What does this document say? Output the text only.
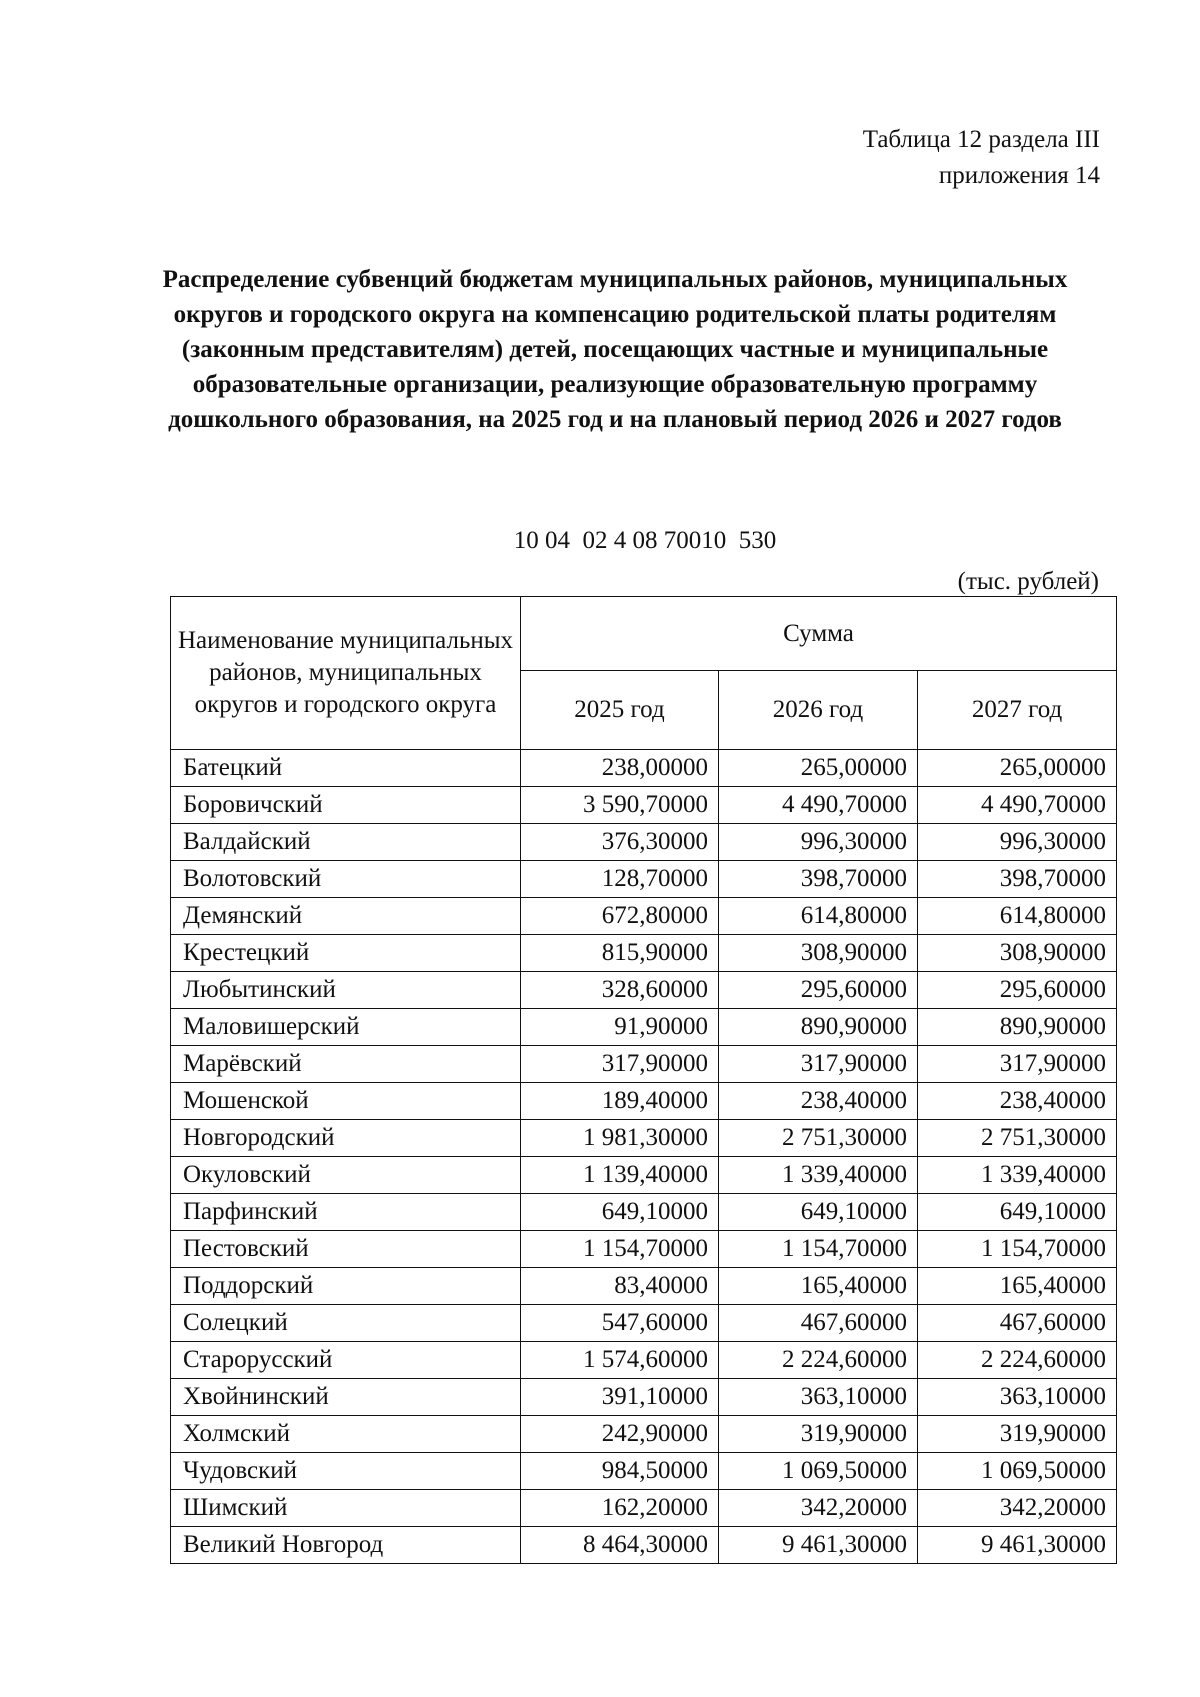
Таблица 12 раздела III
приложения 14
Распределение субвенций бюджетам муниципальных районов, муниципальных округов и городского округа на компенсацию родительской платы родителям (законным представителям) детей, посещающих частные и муниципальные образовательные организации, реализующие образовательную программу дошкольного образования, на 2025 год и на плановый период 2026 и 2027 годов
10 04  02 4 08 70010  530
(тыс. рублей)
Наименование муниципальных районов, муниципальных округов и городского округа	Сумма		
	2025 год	2026 год	2027 год
Батецкий	238,00000	265,00000	265,00000
Боровичский	3 590,70000	4 490,70000	4 490,70000
Валдайский	376,30000	996,30000	996,30000
Волотовский	128,70000	398,70000	398,70000
Демянский	672,80000	614,80000	614,80000
Крестецкий	815,90000	308,90000	308,90000
Любытинский	328,60000	295,60000	295,60000
Маловишерский	91,90000	890,90000	890,90000
Марёвский	317,90000	317,90000	317,90000
Мошенской	189,40000	238,40000	238,40000
Новгородский	1 981,30000	2 751,30000	2 751,30000
Окуловский	1 139,40000	1 339,40000	1 339,40000
Парфинский	649,10000	649,10000	649,10000
Пестовский	1 154,70000	1 154,70000	1 154,70000
Поддорский	83,40000	165,40000	165,40000
Солецкий	547,60000	467,60000	467,60000
Старорусский	1 574,60000	2 224,60000	2 224,60000
Хвойнинский	391,10000	363,10000	363,10000
Холмский	242,90000	319,90000	319,90000
Чудовский	984,50000	1 069,50000	1 069,50000
Шимский	162,20000	342,20000	342,20000
Великий Новгород	8 464,30000	9 461,30000	9 461,30000
